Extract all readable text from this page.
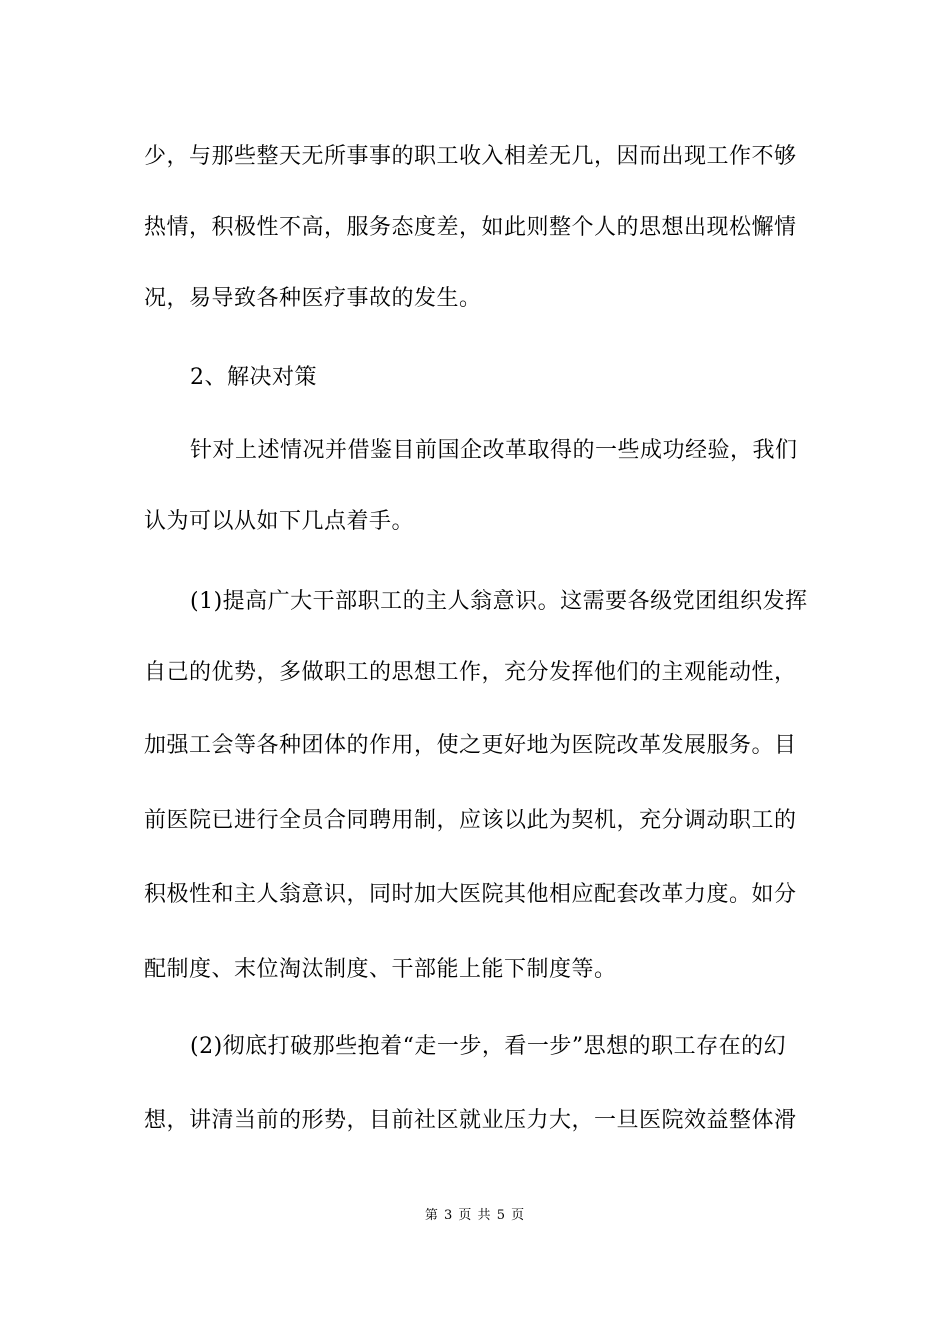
少，与那些整天无所事事的职工收入相差无几，因而出现工作不够
热情，积极性不高，服务态度差，如此则整个人的思想出现松懈情
况，易导致各种医疗事故的发生。
2、解决对策
针对上述情况并借鉴目前国企改革取得的一些成功经验，我们
认为可以从如下几点着手。
(1)提高广大干部职工的主人翁意识。这需要各级党团组织发挥
自己的优势，多做职工的思想工作，充分发挥他们的主观能动性，
加强工会等各种团体的作用，使之更好地为医院改革发展服务。目
前医院已进行全员合同聘用制，应该以此为契机，充分调动职工的
积极性和主人翁意识，同时加大医院其他相应配套改革力度。如分
配制度、末位淘汰制度、干部能上能下制度等。
(2)彻底打破那些抱着“走一步，看一步”思想的职工存在的幻
想，讲清当前的形势，目前社区就业压力大，一旦医院效益整体滑
第 3 页 共 5 页
